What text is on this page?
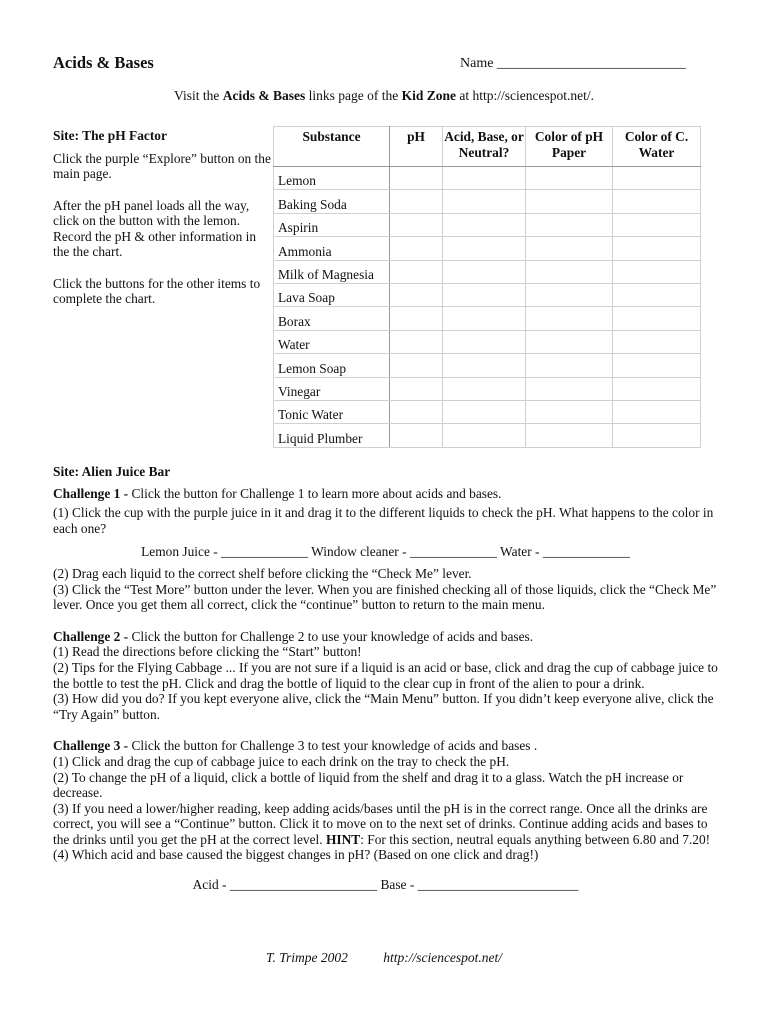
Acids & Bases	Name ___________________________
Visit the Acids & Bases links page of the Kid Zone at http://sciencespot.net/.

Site: The pH Factor

Click the purple “Explore” button on the main page.

After the pH panel loads all the way, click on the button with the lemon. Record the pH & other information in the the chart.

Click the buttons for the other items to complete the chart.

Substance	pH	Acid, Base, or Neutral?	Color of pH Paper	Color of C. Water
Lemon				
Baking Soda				
Aspirin				
Ammonia				
Milk of Magnesia				
Lava Soap				
Borax				
Water				
Lemon Soap				
Vinegar				
Tonic Water				
Liquid Plumber				

Site: Alien Juice Bar

Challenge 1 - Click the button for Challenge 1 to learn more about acids and bases.

(1) Click the cup with the purple juice in it and drag it to the different liquids to check the pH. What happens to the color in each one?

Lemon Juice - _____________ Window cleaner - _____________ Water - _____________

(2) Drag each liquid to the correct shelf before clicking the “Check Me” lever.

(3) Click the “Test More” button under the lever. When you are finished checking all of those liquids, click the “Check Me” lever. Once you get them all correct, click the “continue” button to return to the main menu.

Challenge 2 - Click the button for Challenge 2 to use your knowledge of acids and bases.

(1) Read the directions before clicking the “Start” button!

(2) Tips for the Flying Cabbage ... If you are not sure if a liquid is an acid or base, click and drag the cup of cabbage juice to the bottle to test the pH. Click and drag the bottle of liquid to the clear cup in front of the alien to pour a drink.

(3) How did you do? If you kept everyone alive, click the “Main Menu” button. If you didn’t keep everyone alive, click the “Try Again” button.

Challenge 3 - Click the button for Challenge 3 to test your knowledge of acids and bases .

(1) Click and drag the cup of cabbage juice to each drink on the tray to check the pH.

(2) To change the pH of a liquid, click a bottle of liquid from the shelf and drag it to a glass. Watch the pH increase or decrease.

(3) If you need a lower/higher reading, keep adding acids/bases until the pH is in the correct range. Once all the drinks are correct, you will see a “Continue” button. Click it to move on to the next set of drinks. Continue adding acids and bases to the drinks until you get the pH at the correct level. HINT: For this section, neutral equals anything between 6.80 and 7.20!

(4) Which acid and base caused the biggest changes in pH? (Based on one click and drag!)

Acid - ______________________ Base - ________________________

T. Trimpe 2002	http://sciencespot.net/
